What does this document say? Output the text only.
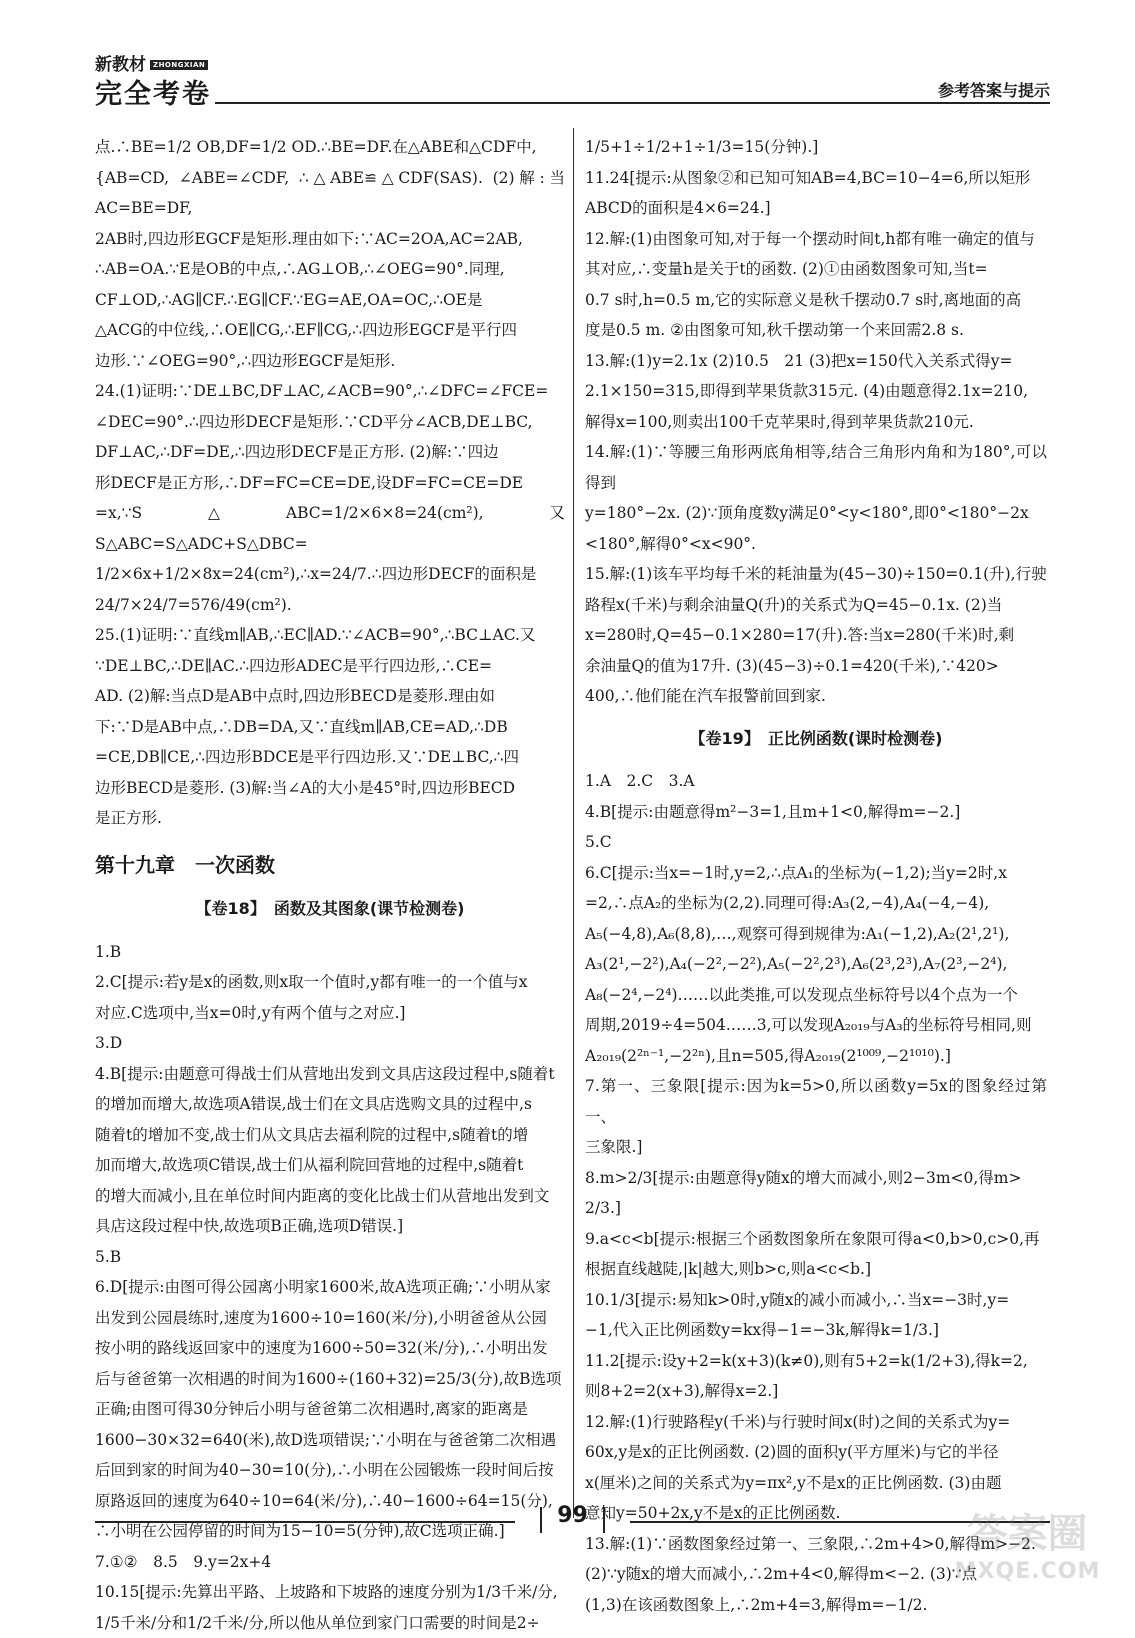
新教材 ZHONGXIAN
完全考卷	参考答案与提示

点.∴BE=1/2 OB,DF=1/2 OD.∴BE=DF.在△ABE和△CDF中,

{AB=CD, ∠ABE=∠CDF, ∴△ABE≌△CDF(SAS). (2)解:当AC=BE=DF,

2AB时,四边形EGCF是矩形.理由如下:∵AC=2OA,AC=2AB,

∴AB=OA.∵E是OB的中点,∴AG⊥OB,∴∠OEG=90°.同理,

CF⊥OD,∴AG∥CF.∴EG∥CF.∵EG=AE,OA=OC,∴OE是

△ACG的中位线,∴OE∥CG,∴EF∥CG,∴四边形EGCF是平行四

边形.∵∠OEG=90°,∴四边形EGCF是矩形.

24.(1)证明:∵DE⊥BC,DF⊥AC,∠ACB=90°,∴∠DFC=∠FCE=

∠DEC=90°.∴四边形DECF是矩形.∵CD平分∠ACB,DE⊥BC,

DF⊥AC,∴DF=DE,∴四边形DECF是正方形. (2)解:∵四边

形DECF是正方形,∴DF=FC=CE=DE,设DF=FC=CE=DE

=x,∵S△ABC=1/2×6×8=24(cm²),又S△ABC=S△ADC+S△DBC=

1/2×6x+1/2×8x=24(cm²),∴x=24/7.∴四边形DECF的面积是

24/7×24/7=576/49(cm²).

25.(1)证明:∵直线m∥AB,∴EC∥AD.∵∠ACB=90°,∴BC⊥AC.又

∵DE⊥BC,∴DE∥AC.∴四边形ADEC是平行四边形,∴CE=

AD. (2)解:当点D是AB中点时,四边形BECD是菱形.理由如

下:∵D是AB中点,∴DB=DA,又∵直线m∥AB,CE=AD,∴DB

=CE,DB∥CE,∴四边形BDCE是平行四边形.又∵DE⊥BC,∴四

边形BECD是菱形. (3)解:当∠A的大小是45°时,四边形BECD

是正方形.

第十九章　一次函数
【卷18】　函数及其图象(课节检测卷)

1.B

2.C[提示:若y是x的函数,则x取一个值时,y都有唯一的一个值与x

对应.C选项中,当x=0时,y有两个值与之对应.]

3.D

4.B[提示:由题意可得战士们从营地出发到文具店这段过程中,s随着t

的增加而增大,故选项A错误,战士们在文具店选购文具的过程中,s

随着t的增加不变,战士们从文具店去福利院的过程中,s随着t的增

加而增大,故选项C错误,战士们从福利院回营地的过程中,s随着t

的增大而减小,且在单位时间内距离的变化比战士们从营地出发到文

具店这段过程中快,故选项B正确,选项D错误.]

5.B

6.D[提示:由图可得公园离小明家1600米,故A选项正确;∵小明从家

出发到公园晨练时,速度为1600÷10=160(米/分),小明爸爸从公园

按小明的路线返回家中的速度为1600÷50=32(米/分),∴小明出发

后与爸爸第一次相遇的时间为1600÷(160+32)=25/3(分),故B选项

正确;由图可得30分钟后小明与爸爸第二次相遇时,离家的距离是

1600−30×32=640(米),故D选项错误;∵小明在与爸爸第二次相遇

后回到家的时间为40−30=10(分),∴小明在公园锻炼一段时间后按

原路返回的速度为640÷10=64(米/分),∴40−1600÷64=15(分),

∴小明在公园停留的时间为15−10=5(分钟),故C选项正确.]

7.①②　8.5　9.y=2x+4

10.15[提示:先算出平路、上坡路和下坡路的速度分别为1/3千米/分,

1/5千米/分和1/2千米/分,所以他从单位到家门口需要的时间是2÷

1/5+1÷1/2+1÷1/3=15(分钟).]

11.24[提示:从图象②和已知可知AB=4,BC=10−4=6,所以矩形

ABCD的面积是4×6=24.]

12.解:(1)由图象可知,对于每一个摆动时间t,h都有唯一确定的值与

其对应,∴变量h是关于t的函数. (2)①由函数图象可知,当t=

0.7 s时,h=0.5 m,它的实际意义是秋千摆动0.7 s时,离地面的高

度是0.5 m. ②由图象可知,秋千摆动第一个来回需2.8 s.

13.解:(1)y=2.1x (2)10.5　21 (3)把x=150代入关系式得y=

2.1×150=315,即得到苹果货款315元. (4)由题意得2.1x=210,

解得x=100,则卖出100千克苹果时,得到苹果货款210元.

14.解:(1)∵等腰三角形两底角相等,结合三角形内角和为180°,可以得到

y=180°−2x. (2)∵顶角度数y满足0°<y<180°,即0°<180°−2x

<180°,解得0°<x<90°.

15.解:(1)该车平均每千米的耗油量为(45−30)÷150=0.1(升),行驶

路程x(千米)与剩余油量Q(升)的关系式为Q=45−0.1x. (2)当

x=280时,Q=45−0.1×280=17(升).答:当x=280(千米)时,剩

余油量Q的值为17升. (3)(45−3)÷0.1=420(千米),∵420>

400,∴他们能在汽车报警前回到家.

【卷19】　正比例函数(课时检测卷)

1.A　2.C　3.A

4.B[提示:由题意得m²−3=1,且m+1<0,解得m=−2.]

5.C

6.C[提示:当x=−1时,y=2,∴点A₁的坐标为(−1,2);当y=2时,x

=2,∴点A₂的坐标为(2,2).同理可得:A₃(2,−4),A₄(−4,−4),

A₅(−4,8),A₆(8,8),…,观察可得到规律为:A₁(−1,2),A₂(2¹,2¹),

A₃(2¹,−2²),A₄(−2²,−2²),A₅(−2²,2³),A₆(2³,2³),A₇(2³,−2⁴),

A₈(−2⁴,−2⁴)……以此类推,可以发现点坐标符号以4个点为一个

周期,2019÷4=504……3,可以发现A₂₀₁₉与A₃的坐标符号相同,则

A₂₀₁₉(2²ⁿ⁻¹,−2²ⁿ),且n=505,得A₂₀₁₉(2¹⁰⁰⁹,−2¹⁰¹⁰).]

7.第一、三象限[提示:因为k=5>0,所以函数y=5x的图象经过第一、

三象限.]

8.m>2/3[提示:由题意得y随x的增大而减小,则2−3m<0,得m>

2/3.]

9.a<c<b[提示:根据三个函数图象所在象限可得a<0,b>0,c>0,再

根据直线越陡,|k|越大,则b>c,则a<c<b.]

10.1/3[提示:易知k>0时,y随x的减小而减小,∴当x=−3时,y=

−1,代入正比例函数y=kx得−1=−3k,解得k=1/3.]

11.2[提示:设y+2=k(x+3)(k≠0),则有5+2=k(1/2+3),得k=2,

则8+2=2(x+3),解得x=2.]

12.解:(1)行驶路程y(千米)与行驶时间x(时)之间的关系式为y=

60x,y是x的正比例函数. (2)圆的面积y(平方厘米)与它的半径

x(厘米)之间的关系式为y=πx²,y不是x的正比例函数. (3)由题

意知y=50+2x,y不是x的正比例函数.

13.解:(1)∵函数图象经过第一、三象限,∴2m+4>0,解得m>−2.

(2)∵y随x的增大而减小,∴2m+4<0,解得m<−2. (3)∵点

(1,3)在该函数图象上,∴2m+4=3,解得m=−1/2.

99	答案圈
MXQE.COM
